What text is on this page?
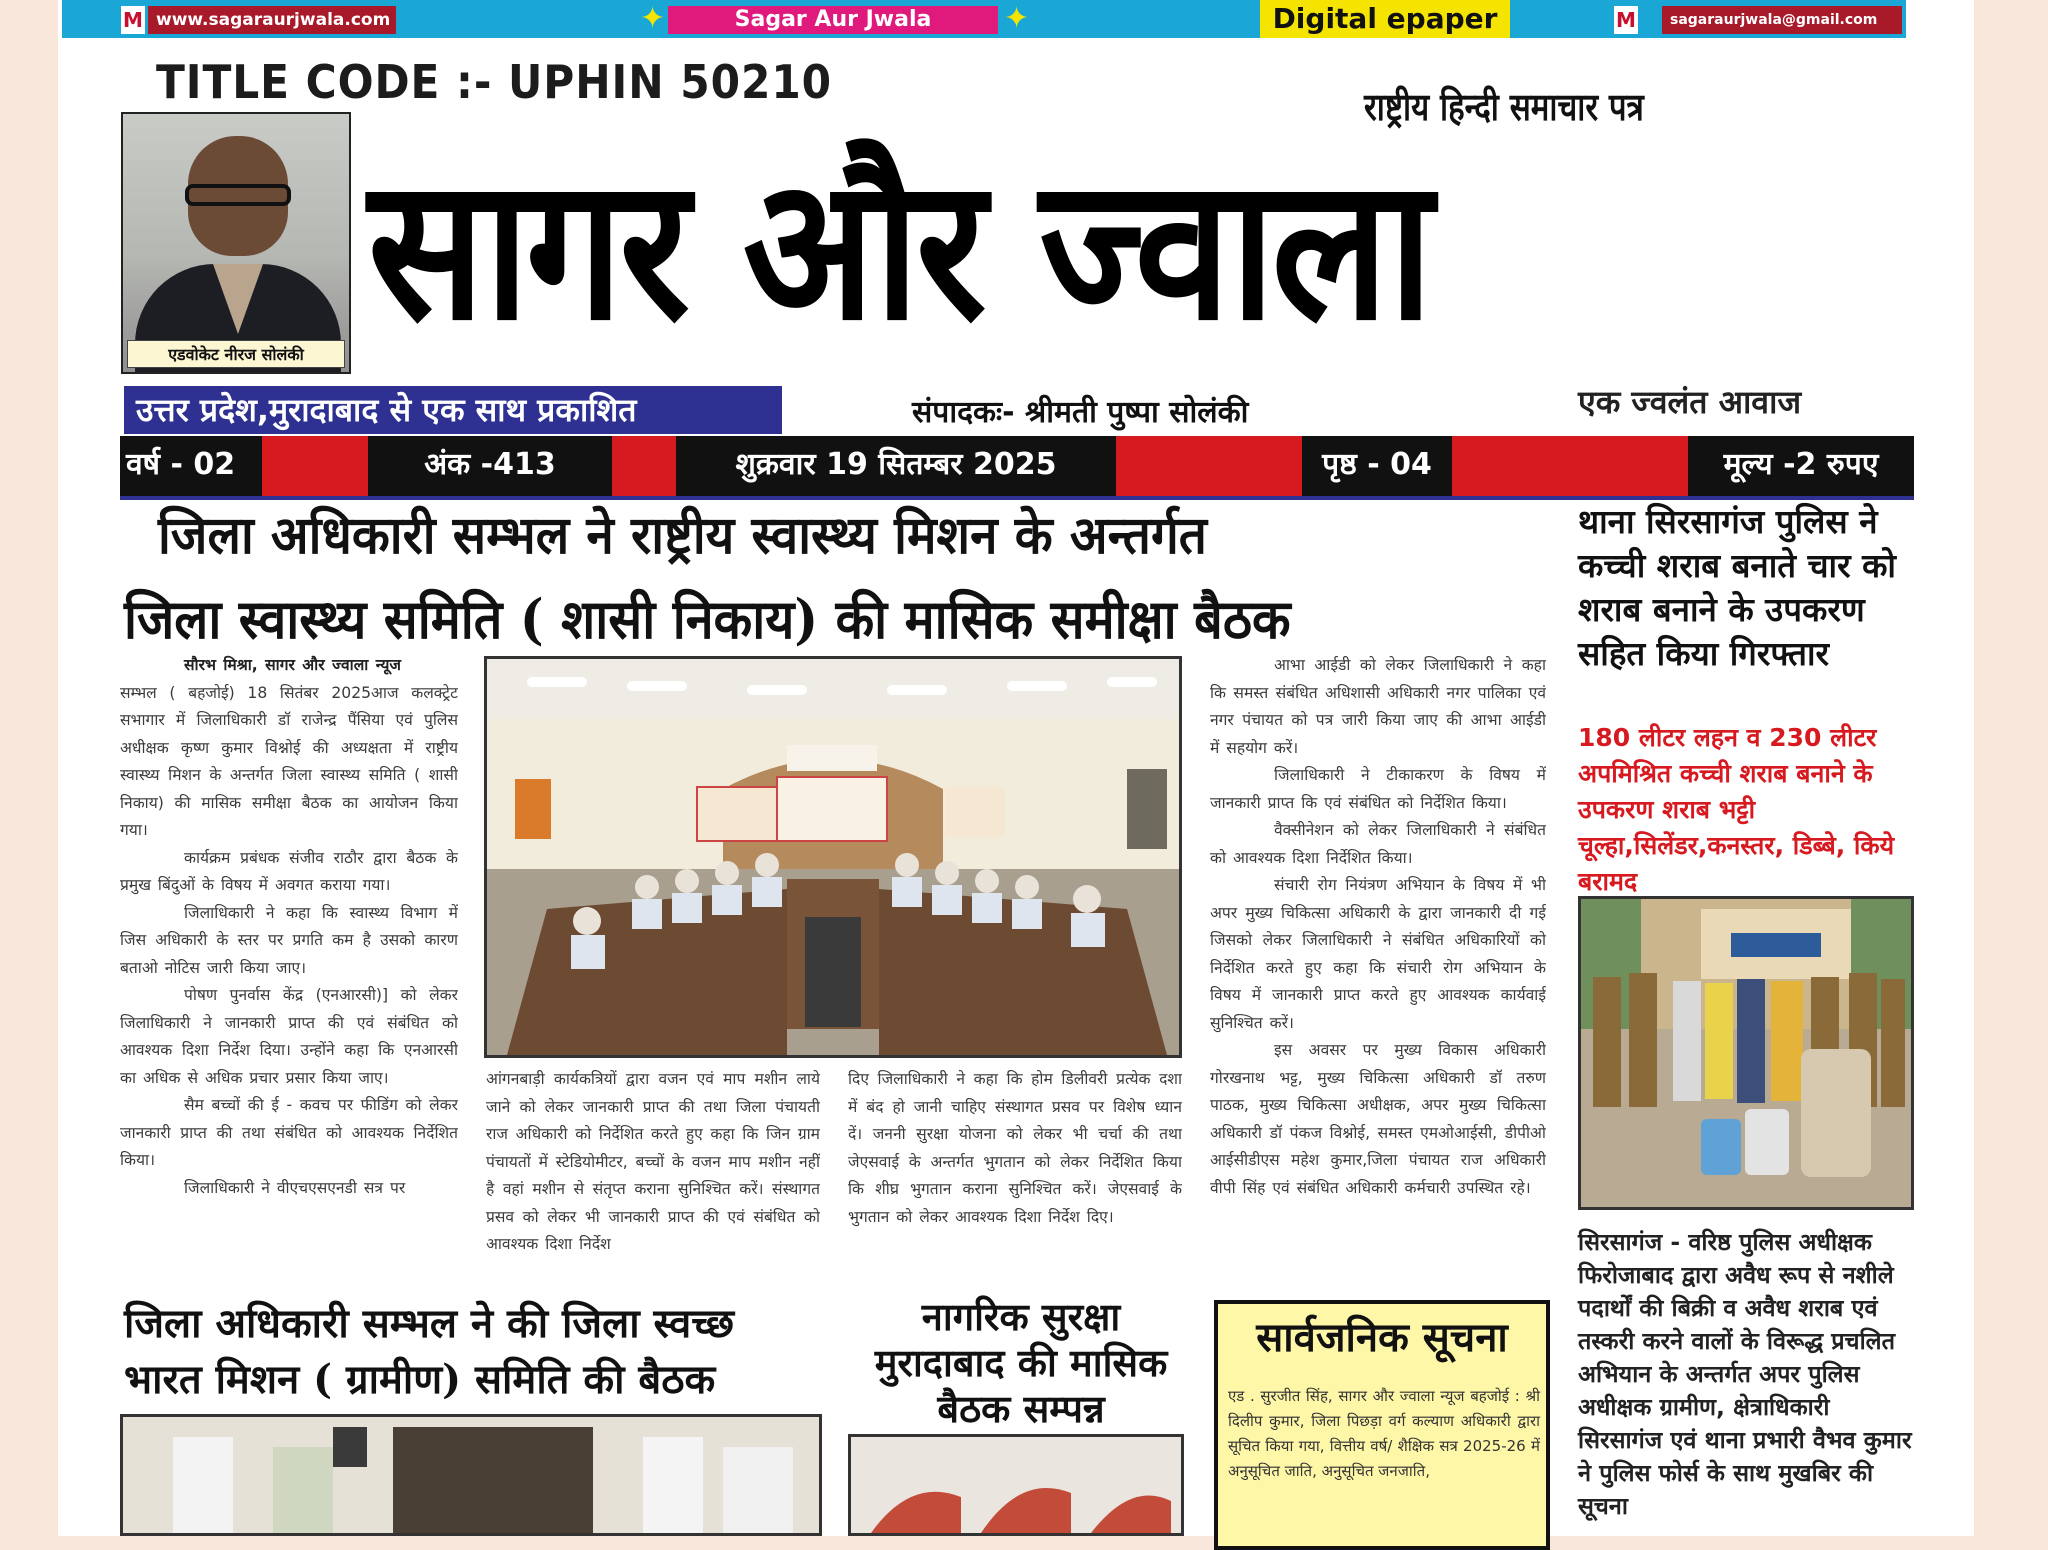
M www.sagaraurjwala.com	✦	Sagar Aur Jwala	✦	Digital epaper	M	sagaraurjwala@gmail.com
TITLE CODE :- UPHIN 50210
एडवोकेट नीरज सोलंकी
राष्ट्रीय हिन्दी समाचार पत्र
सागर और ज्वाला
उत्तर प्रदेश,मुरादाबाद से एक साथ प्रकाशित	संपादकः- श्रीमती पुष्पा सोलंकी	एक ज्वलंत आवाज
वर्ष - 02	अंक -413	शुक्रवार 19 सितम्बर 2025	पृष्ठ - 04	मूल्य -2 रुपए
जिला अधिकारी सम्भल ने राष्ट्रीय स्वास्थ्य मिशन के अन्तर्गत
जिला स्वास्थ्य समिति ( शासी निकाय) की मासिक समीक्षा बैठक

सौरभ मिश्रा, सागर और ज्वाला न्यूज

सम्भल ( बहजोई) 18 सितंबर 2025आज कलक्ट्रेट सभागार में जिलाधिकारी डॉ राजेन्द्र पैंसिया एवं पुलिस अधीक्षक कृष्ण कुमार विश्नोई की अध्यक्षता में राष्ट्रीय स्वास्थ्य मिशन के अन्तर्गत जिला स्वास्थ्य समिति ( शासी निकाय) की मासिक समीक्षा बैठक का आयोजन किया गया।

कार्यक्रम प्रबंधक संजीव राठौर द्वारा बैठक के प्रमुख बिंदुओं के विषय में अवगत कराया गया।

जिलाधिकारी ने कहा कि स्वास्थ्य विभाग में जिस अधिकारी के स्तर पर प्रगति कम है उसको कारण बताओ नोटिस जारी किया जाए।

पोषण पुनर्वास केंद्र (एनआरसी)] को लेकर जिलाधिकारी ने जानकारी प्राप्त की एवं संबंधित को आवश्यक दिशा निर्देश दिया। उन्होंने कहा कि एनआरसी का अधिक से अधिक प्रचार प्रसार किया जाए।

सैम बच्चों की ई - कवच पर फीडिंग को लेकर जानकारी प्राप्त की तथा संबंधित को आवश्यक निर्देशित किया।

जिलाधिकारी ने वीएचएसएनडी सत्र पर

आंगनबाड़ी कार्यकत्रियों द्वारा वजन एवं माप मशीन लाये जाने को लेकर जानकारी प्राप्त की तथा जिला पंचायती राज अधिकारी को निर्देशित करते हुए कहा कि जिन ग्राम पंचायतों में स्टेडियोमीटर, बच्चों के वजन माप मशीन नहीं है वहां मशीन से संतृप्त कराना सुनिश्चित करें। संस्थागत प्रसव को लेकर भी जानकारी प्राप्त की एवं संबंधित को आवश्यक दिशा निर्देश

दिए जिलाधिकारी ने कहा कि होम डिलीवरी प्रत्येक दशा में बंद हो जानी चाहिए संस्थागत प्रसव पर विशेष ध्यान दें। जननी सुरक्षा योजना को लेकर भी चर्चा की तथा जेएसवाई के अन्तर्गत भुगतान को लेकर निर्देशित किया कि शीघ्र भुगतान कराना सुनिश्चित करें। जेएसवाई के भुगतान को लेकर आवश्यक दिशा निर्देश दिए।

आभा आईडी को लेकर जिलाधिकारी ने कहा कि समस्त संबंधित अधिशासी अधिकारी नगर पालिका एवं नगर पंचायत को पत्र जारी किया जाए की आभा आईडी में सहयोग करें।

जिलाधिकारी ने टीकाकरण के विषय में जानकारी प्राप्त कि एवं संबंधित को निर्देशित किया।

वैक्सीनेशन को लेकर जिलाधिकारी ने संबंधित को आवश्यक दिशा निर्देशित किया।

संचारी रोग नियंत्रण अभियान के विषय में भी अपर मुख्य चिकित्सा अधिकारी के द्वारा जानकारी दी गई जिसको लेकर जिलाधिकारी ने संबंधित अधिकारियों को निर्देशित करते हुए कहा कि संचारी रोग अभियान के विषय में जानकारी प्राप्त करते हुए आवश्यक कार्यवाई सुनिश्चित करें।

इस अवसर पर मुख्य विकास अधिकारी गोरखनाथ भट्ट, मुख्य चिकित्सा अधिकारी डॉ तरुण पाठक, मुख्य चिकित्सा अधीक्षक, अपर मुख्य चिकित्सा अधिकारी डॉ पंकज विश्नोई, समस्त एमओआईसी, डीपीओ आईसीडीएस महेश कुमार,जिला पंचायत राज अधिकारी वीपी सिंह एवं संबंधित अधिकारी कर्मचारी उपस्थित रहे।

थाना सिरसागंज पुलिस ने कच्ची शराब बनाते चार को शराब बनाने के उपकरण सहित किया गिरफ्तार
180 लीटर लहन व 230 लीटर अपमिश्रित कच्ची शराब बनाने के उपकरण शराब भट्टी चूल्हा,सिलेंडर,कनस्तर, डिब्बे, किये बरामद
सिरसागंज - वरिष्ठ पुलिस अधीक्षक फिरोजाबाद द्वारा अवैध रूप से नशीले पदार्थों की बिक्री व अवैध शराब एवं तस्करी करने वालों के विरूद्ध प्रचलित अभियान के अन्तर्गत अपर पुलिस अधीक्षक ग्रामीण, क्षेत्राधिकारी सिरसागंज एवं थाना प्रभारी वैभव कुमार ने पुलिस फोर्स के साथ मुखबिर की सूचना
जिला अधिकारी सम्भल ने की जिला स्वच्छ
भारत मिशन ( ग्रामीण) समिति की बैठक
नागरिक सुरक्षा
मुरादाबाद की मासिक
बैठक सम्पन्न
सार्वजनिक सूचना
एड . सुरजीत सिंह, सागर और ज्वाला न्यूज बहजोई : श्री दिलीप कुमार, जिला पिछड़ा वर्ग कल्याण अधिकारी द्वारा सूचित किया गया, वित्तीय वर्ष/ शैक्षिक सत्र 2025-26 में अनुसूचित जाति, अनुसूचित जनजाति,
